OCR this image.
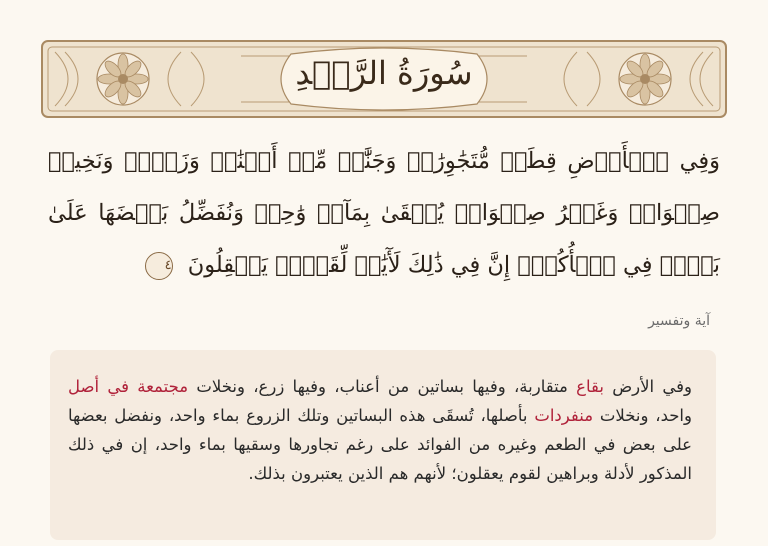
سُورَةُ الرَّعۡدِ
وَفِي ٱلۡأَرۡضِ قِطَعٞ مُّتَجَٰوِرَٰتٞ وَجَنَّٰتٞ مِّنۡ أَعۡنَٰبٖ وَزَرۡعٞ وَنَخِيلٞ صِنۡوَانٞ وَغَيۡرُ صِنۡوَانٖ يُسۡقَىٰ بِمَآءٖ وَٰحِدٖ وَنُفَضِّلُ بَعۡضَهَا عَلَىٰ بَعۡضٖ فِي ٱلۡأُكُلِۚ إِنَّ فِي ذَٰلِكَ لَأٓيَٰتٖ لِّقَوۡمٖ يَعۡقِلُونَ ٤
آية وتفسير
وفي الأرض بقاع متقاربة، وفيها بساتين من أعناب، وفيها زرع، ونخلات مجتمعة في أصل واحد، ونخلات منفردات بأصلها، تُسقَى هذه البساتين وتلك الزروع بماء واحد، ونفضل بعضها على بعض في الطعم وغيره من الفوائد على رغم تجاورها وسقيها بماء واحد، إن في ذلك المذكور لأدلة وبراهين لقوم يعقلون؛ لأنهم هم الذين يعتبرون بذلك.
